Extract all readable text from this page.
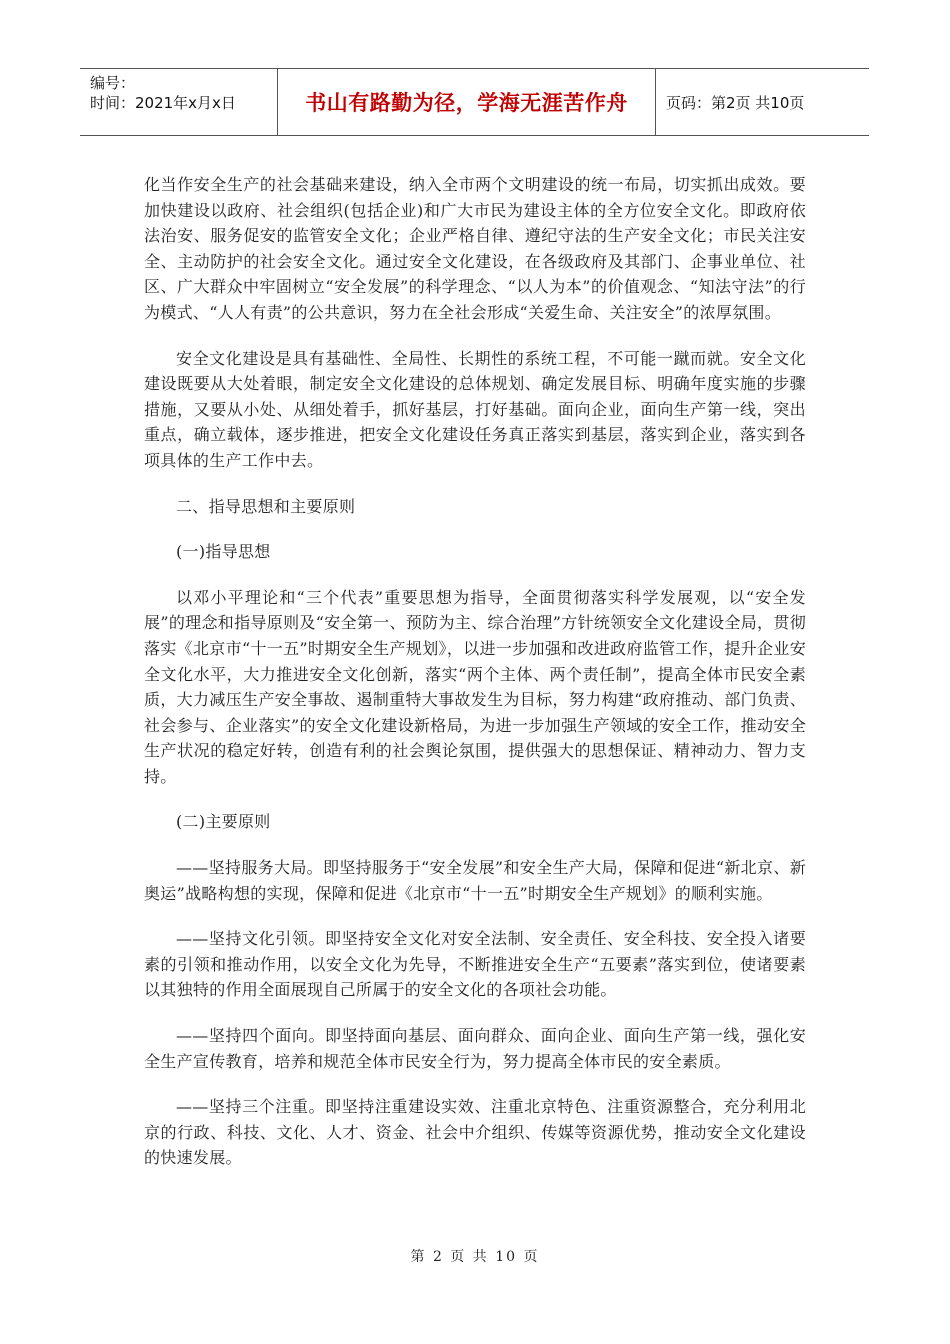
编号：
时间：2021年x月x日	书山有路勤为径，学海无涯苦作舟	页码：第2页 共10页

化当作安全生产的社会基础来建设，纳入全市两个文明建设的统一布局，切实抓出成效。要加快建设以政府、社会组织(包括企业)和广大市民为建设主体的全方位安全文化。即政府依法治安、服务促安的监管安全文化；企业严格自律、遵纪守法的生产安全文化；市民关注安全、主动防护的社会安全文化。通过安全文化建设，在各级政府及其部门、企事业单位、社区、广大群众中牢固树立“安全发展”的科学理念、“以人为本”的价值观念、“知法守法”的行为模式、“人人有责”的公共意识，努力在全社会形成“关爱生命、关注安全”的浓厚氛围。

安全文化建设是具有基础性、全局性、长期性的系统工程，不可能一蹴而就。安全文化建设既要从大处着眼，制定安全文化建设的总体规划、确定发展目标、明确年度实施的步骤措施，又要从小处、从细处着手，抓好基层，打好基础。面向企业，面向生产第一线，突出重点，确立载体，逐步推进，把安全文化建设任务真正落实到基层，落实到企业，落实到各项具体的生产工作中去。

二、指导思想和主要原则

(一)指导思想

以邓小平理论和“三个代表”重要思想为指导，全面贯彻落实科学发展观，以“安全发展”的理念和指导原则及“安全第一、预防为主、综合治理”方针统领安全文化建设全局，贯彻落实《北京市“十一五”时期安全生产规划》，以进一步加强和改进政府监管工作，提升企业安全文化水平，大力推进安全文化创新，落实“两个主体、两个责任制”，提高全体市民安全素质，大力减压生产安全事故、遏制重特大事故发生为目标，努力构建“政府推动、部门负责、社会参与、企业落实”的安全文化建设新格局，为进一步加强生产领域的安全工作，推动安全生产状况的稳定好转，创造有利的社会舆论氛围，提供强大的思想保证、精神动力、智力支持。

(二)主要原则

——坚持服务大局。即坚持服务于“安全发展”和安全生产大局，保障和促进“新北京、新奥运”战略构想的实现，保障和促进《北京市“十一五”时期安全生产规划》的顺利实施。

——坚持文化引领。即坚持安全文化对安全法制、安全责任、安全科技、安全投入诸要素的引领和推动作用，以安全文化为先导，不断推进安全生产“五要素”落实到位，使诸要素以其独特的作用全面展现自己所属于的安全文化的各项社会功能。

——坚持四个面向。即坚持面向基层、面向群众、面向企业、面向生产第一线，强化安全生产宣传教育，培养和规范全体市民安全行为，努力提高全体市民的安全素质。

——坚持三个注重。即坚持注重建设实效、注重北京特色、注重资源整合，充分利用北京的行政、科技、文化、人才、资金、社会中介组织、传媒等资源优势，推动安全文化建设的快速发展。

第 2 页 共 10 页
